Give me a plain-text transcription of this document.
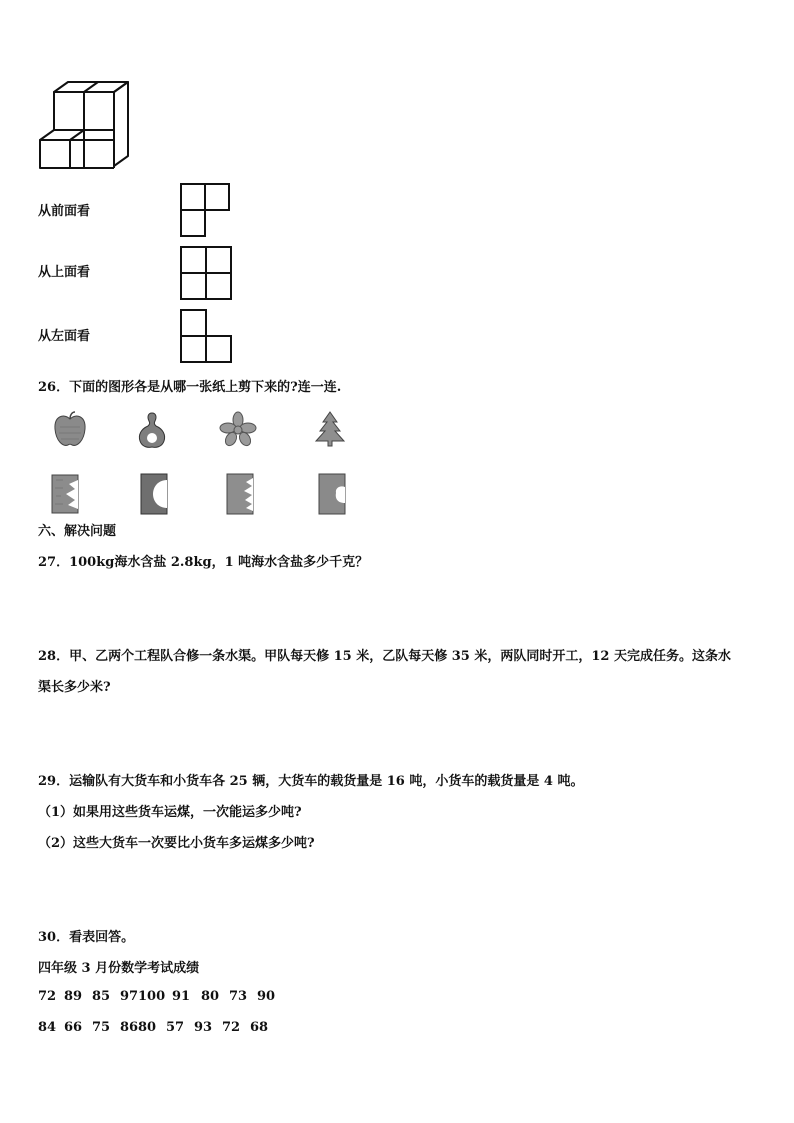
从前面看
从上面看
从左面看
26．下面的图形各是从哪一张纸上剪下来的?连一连.
六、解决问题
27．100kg海水含盐 2.8kg，1 吨海水含盐多少千克？
28．甲、乙两个工程队合修一条水渠。甲队每天修 15 米，乙队每天修 35 米，两队同时开工，12 天完成任务。这条水
渠长多少米?
29．运输队有大货车和小货车各 25 辆，大货车的载货量是 16 吨，小货车的载货量是 4 吨。
（1）如果用这些货车运煤，一次能运多少吨?
（2）这些大货车一次要比小货车多运煤多少吨?
30．看表回答。
四年级 3 月份数学考试成绩
72 89 85 97 100 91 80 73 90
84 66 75 86 80 57 93 72 68
